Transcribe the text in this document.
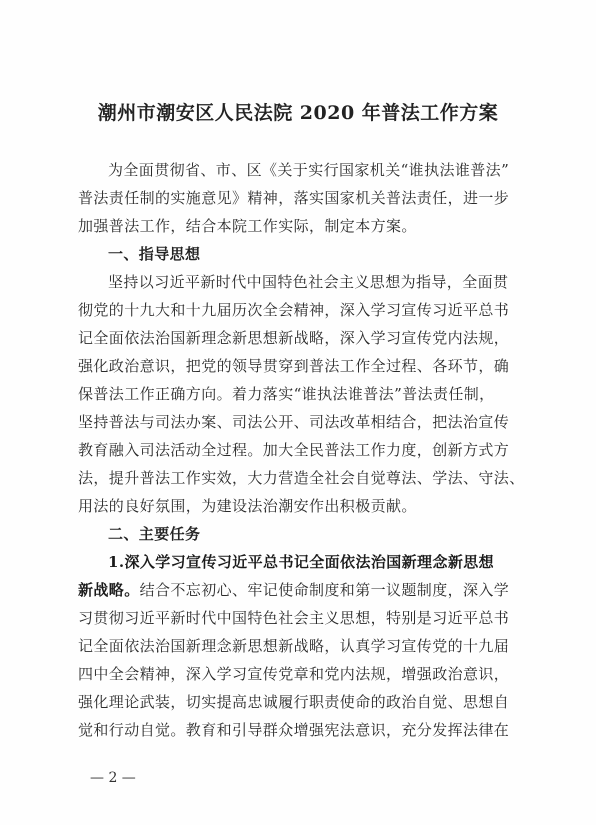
潮州市潮安区人民法院 2020 年普法工作方案
为全面贯彻省、市、区《关于实行国家机关“谁执法谁普法”
普法责任制的实施意见》精神，落实国家机关普法责任，进一步
加强普法工作，结合本院工作实际，制定本方案。
一、指导思想
坚持以习近平新时代中国特色社会主义思想为指导，全面贯
彻党的十九大和十九届历次全会精神，深入学习宣传习近平总书
记全面依法治国新理念新思想新战略，深入学习宣传党内法规，
强化政治意识，把党的领导贯穿到普法工作全过程、各环节，确
保普法工作正确方向。着力落实“谁执法谁普法”普法责任制，
坚持普法与司法办案、司法公开、司法改革相结合，把法治宣传
教育融入司法活动全过程。加大全民普法工作力度，创新方式方
法，提升普法工作实效，大力营造全社会自觉尊法、学法、守法、
用法的良好氛围，为建设法治潮安作出积极贡献。
二、主要任务
1.深入学习宣传习近平总书记全面依法治国新理念新思想
新战略。结合不忘初心、牢记使命制度和第一议题制度，深入学
习贯彻习近平新时代中国特色社会主义思想，特别是习近平总书
记全面依法治国新理念新思想新战略，认真学习宣传党的十九届
四中全会精神，深入学习宣传党章和党内法规，增强政治意识，
强化理论武装，切实提高忠诚履行职责使命的政治自觉、思想自
觉和行动自觉。教育和引导群众增强宪法意识，充分发挥法律在
— 2 —
